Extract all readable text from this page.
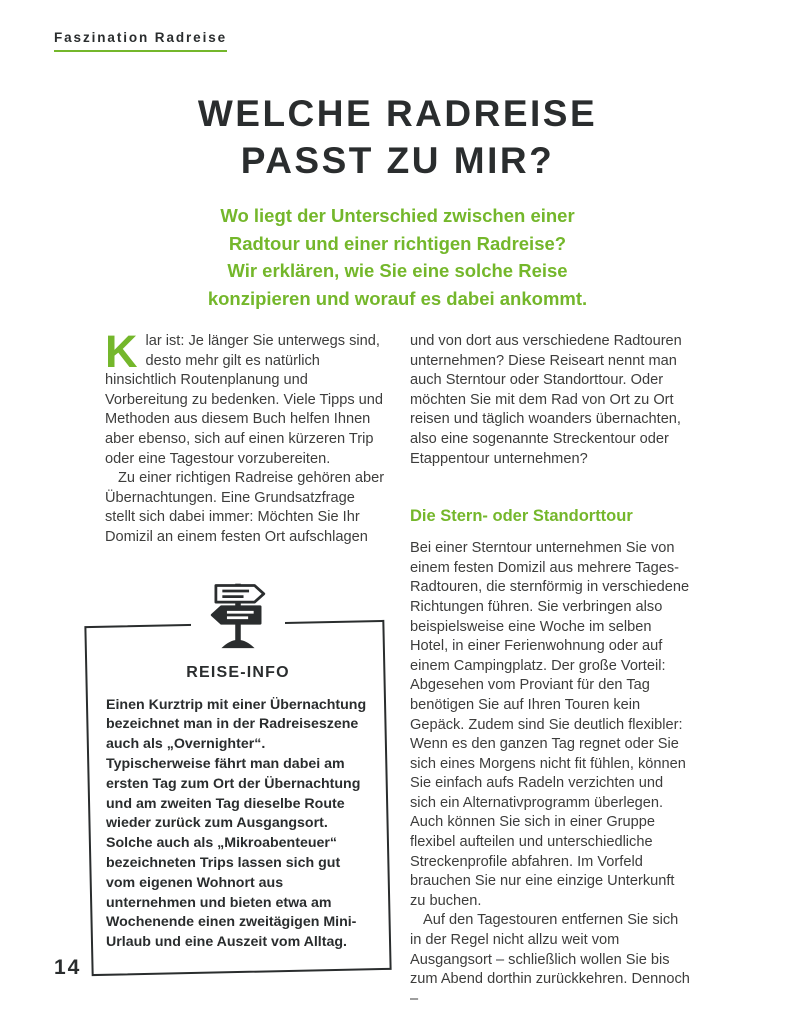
Faszination Radreise
WELCHE RADREISE
PASST ZU MIR?
Wo liegt der Unterschied zwischen einer
Radtour und einer richtigen Radreise?
Wir erklären, wie Sie eine solche Reise
konzipieren und worauf es dabei ankommt.

Klar ist: Je länger Sie unterwegs sind, desto mehr gilt es natürlich hinsichtlich Routenplanung und Vorbereitung zu bedenken. Viele Tipps und Methoden aus diesem Buch helfen Ihnen aber ebenso, sich auf einen kürzeren Trip oder eine Tagestour vorzubereiten.

Zu einer richtigen Radreise gehören aber Übernachtungen. Eine Grundsatzfrage stellt sich dabei immer: Möchten Sie Ihr Domizil an einem festen Ort aufschlagen

REISE-INFO

Einen Kurztrip mit einer Übernachtung bezeichnet man in der Radreiseszene auch als „Overnighter“. Typischerweise fährt man dabei am ersten Tag zum Ort der Übernachtung und am zweiten Tag dieselbe Route wieder zurück zum Ausgangsort. Solche auch als „Mikroabenteuer“ bezeichneten Trips lassen sich gut vom eigenen Wohnort aus unternehmen und bieten etwa am Wochenende einen zweitägigen Mini-Urlaub und eine Auszeit vom Alltag.

und von dort aus verschiedene Radtouren unternehmen? Diese Reiseart nennt man auch Sterntour oder Standorttour. Oder möchten Sie mit dem Rad von Ort zu Ort reisen und täglich woanders übernachten, also eine sogenannte Streckentour oder Etappentour unternehmen?

Die Stern- oder Standorttour

Bei einer Sterntour unternehmen Sie von einem festen Domizil aus mehrere Tages-Radtouren, die sternförmig in verschiedene Richtungen führen. Sie verbringen also beispielsweise eine Woche im selben Hotel, in einer Ferienwohnung oder auf einem Campingplatz. Der große Vorteil: Abgesehen vom Proviant für den Tag benötigen Sie auf Ihren Touren kein Gepäck. Zudem sind Sie deutlich flexibler: Wenn es den ganzen Tag regnet oder Sie sich eines Morgens nicht fit fühlen, können Sie einfach aufs Radeln verzichten und sich ein Alternativprogramm überlegen. Auch können Sie sich in einer Gruppe flexibel aufteilen und unterschiedliche Streckenprofile abfahren. Im Vorfeld brauchen Sie nur eine einzige Unterkunft zu buchen.

Auf den Tagestouren entfernen Sie sich in der Regel nicht allzu weit vom Ausgangsort – schließlich wollen Sie bis zum Abend dorthin zurückkehren. Dennoch –

14
